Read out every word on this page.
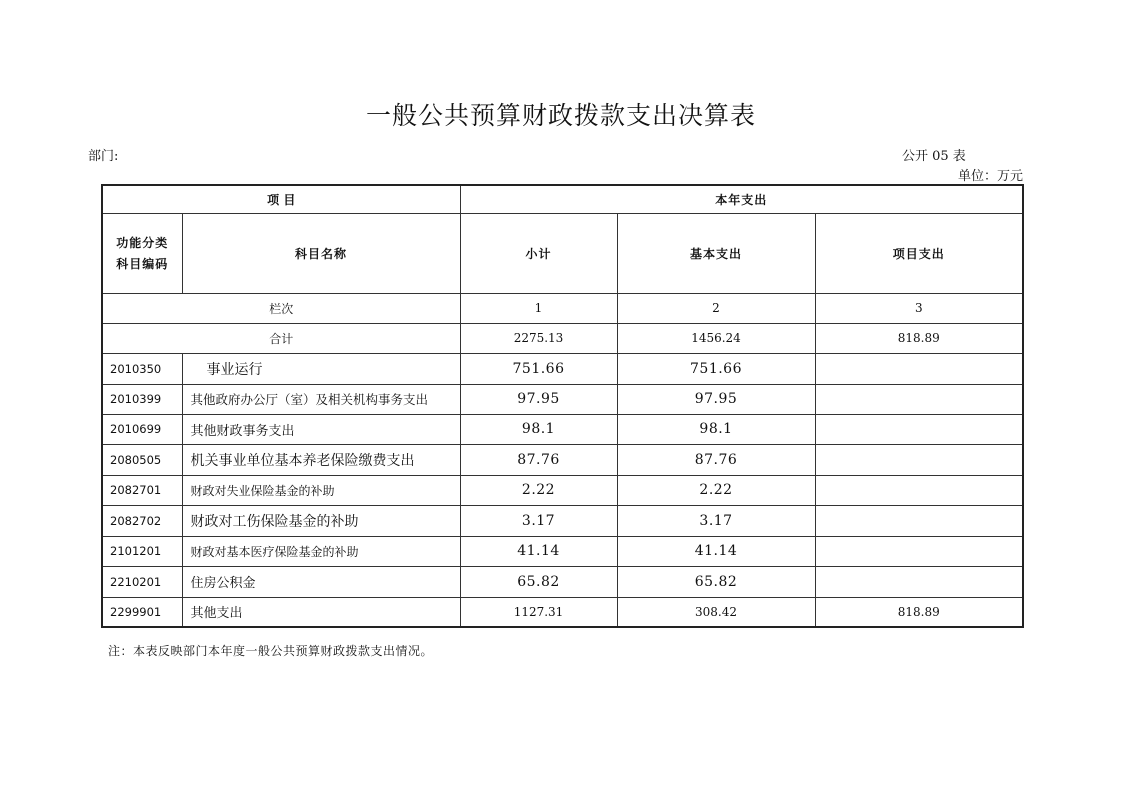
一般公共预算财政拨款支出决算表
部门:	公开 05 表
单位：万元
项 目		本年支出		

功能分类
科目编码	科目名称	小计	基本支出	项目支出
栏次		1	2	3
合计		2275.13	1456.24	818.89
2010350	事业运行	751.66	751.66	
2010399	其他政府办公厅（室）及相关机构事务支出	97.95	97.95	
2010699	其他财政事务支出	98.1	98.1	
2080505	机关事业单位基本养老保险缴费支出	87.76	87.76	
2082701	财政对失业保险基金的补助	2.22	2.22	
2082702	财政对工伤保险基金的补助	3.17	3.17	
2101201	财政对基本医疗保险基金的补助	41.14	41.14	
2210201	住房公积金	65.82	65.82	
2299901	其他支出	1127.31	308.42	818.89
注：本表反映部门本年度一般公共预算财政拨款支出情况。
